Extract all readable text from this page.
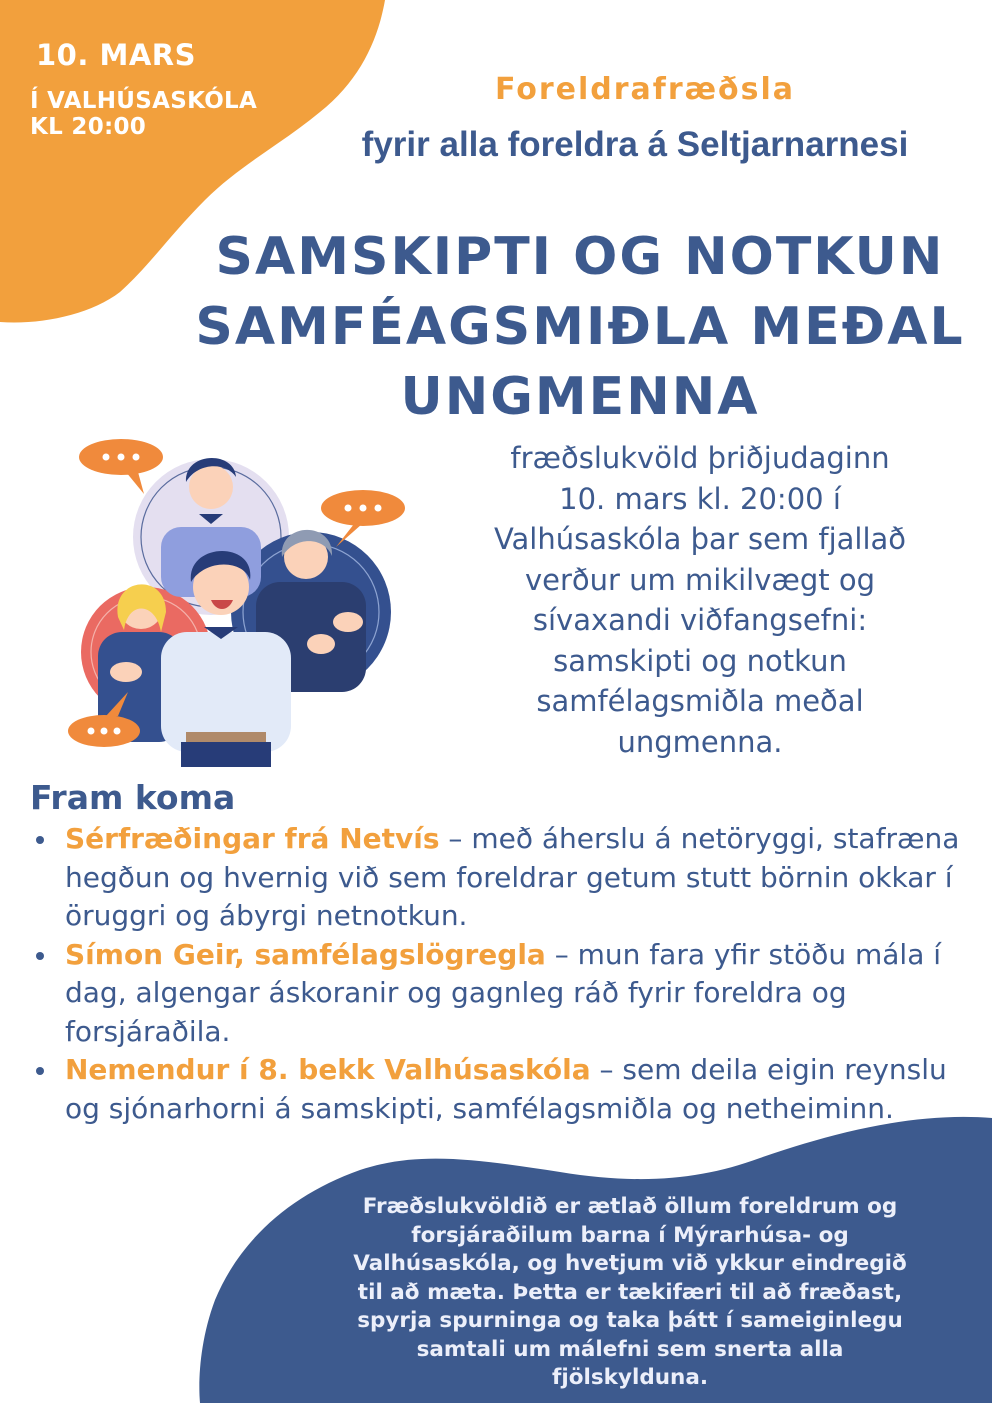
10. MARS
Í VALHÚSASKÓLA
KL 20:00
Foreldrafræðsla
fyrir alla foreldra á Seltjarnarnesi
SAMSKIPTI OG NOTKUN
SAMFÉAGSMIÐLA MEÐAL
UNGMENNA
fræðslukvöld þriðjudaginn
10. mars kl. 20:00 í
Valhúsaskóla þar sem fjallað
verður um mikilvægt og
sívaxandi viðfangsefni:
samskipti og notkun
samfélagsmiðla meðal
ungmenna.
Fram koma
Sérfræðingar frá Netvís – með áherslu á netöryggi, stafræna hegðun og hvernig við sem foreldrar getum stutt börnin okkar í öruggri og ábyrgi netnotkun.
Símon Geir, samfélagslögregla – mun fara yfir stöðu mála í dag, algengar áskoranir og gagnleg ráð fyrir foreldra og forsjáraðila.
Nemendur í 8. bekk Valhúsaskóla – sem deila eigin reynslu og sjónarhorni á samskipti, samfélagsmiðla og netheiminn.
Fræðslukvöldið er ætlað öllum foreldrum og
forsjáraðilum barna í Mýrarhúsa- og
Valhúsaskóla, og hvetjum við ykkur eindregið
til að mæta. Þetta er tækifæri til að fræðast,
spyrja spurninga og taka þátt í sameiginlegu
samtali um málefni sem snerta alla
fjölskylduna.
